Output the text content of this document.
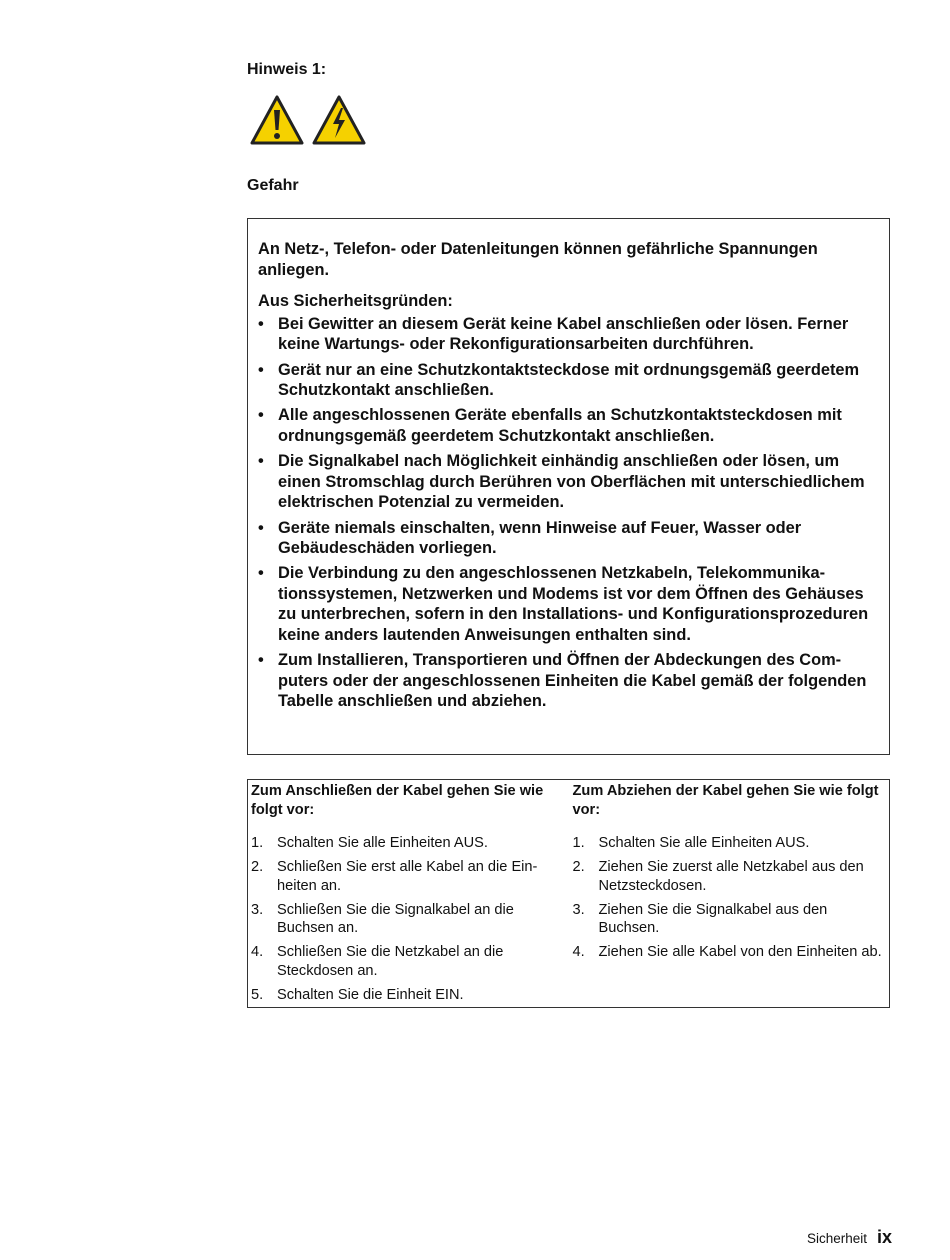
Hinweis 1:
Gefahr

An Netz-, Telefon- oder Datenleitungen können gefährliche Spannungen anliegen.

Aus Sicherheitsgründen:

• Bei Gewitter an diesem Gerät keine Kabel anschließen oder lösen. Ferner keine Wartungs- oder Rekonfigurationsarbeiten durchführen.
• Gerät nur an eine Schutzkontaktsteckdose mit ordnungsgemäß geerdetem Schutzkontakt anschließen.
• Alle angeschlossenen Geräte ebenfalls an Schutzkontaktsteckdosen mit ordnungsgemäß geerdetem Schutzkontakt anschließen.
• Die Signalkabel nach Möglichkeit einhändig anschließen oder lösen, um einen Stromschlag durch Berühren von Oberflächen mit unterschiedlichem elektrischen Potenzial zu vermeiden.
• Geräte niemals einschalten, wenn Hinweise auf Feuer, Wasser oder Gebäudeschäden vorliegen.
• Die Verbindung zu den angeschlossenen Netzkabeln, Telekommunikationssystemen, Netzwerken und Modems ist vor dem Öffnen des Gehäuses zu unterbrechen, sofern in den Installations- und Konfigurationsprozeduren keine anders lautenden Anweisungen enthalten sind.
• Zum Installieren, Transportieren und Öffnen der Abdeckungen des Computers oder der angeschlossenen Einheiten die Kabel gemäß der folgenden Tabelle anschließen und abziehen.
Zum Anschließen der Kabel gehen Sie wie folgt vor:
1. Schalten Sie alle Einheiten AUS.
2. Schließen Sie erst alle Kabel an die Einheiten an.
3. Schließen Sie die Signalkabel an die Buchsen an.
4. Schließen Sie die Netzkabel an die Steckdosen an.
5. Schalten Sie die Einheit EIN.
Zum Abziehen der Kabel gehen Sie wie folgt vor:
1. Schalten Sie alle Einheiten AUS.
2. Ziehen Sie zuerst alle Netzkabel aus den Netzsteckdosen.
3. Ziehen Sie die Signalkabel aus den Buchsen.
4. Ziehen Sie alle Kabel von den Einheiten ab.
Sicherheit ix
